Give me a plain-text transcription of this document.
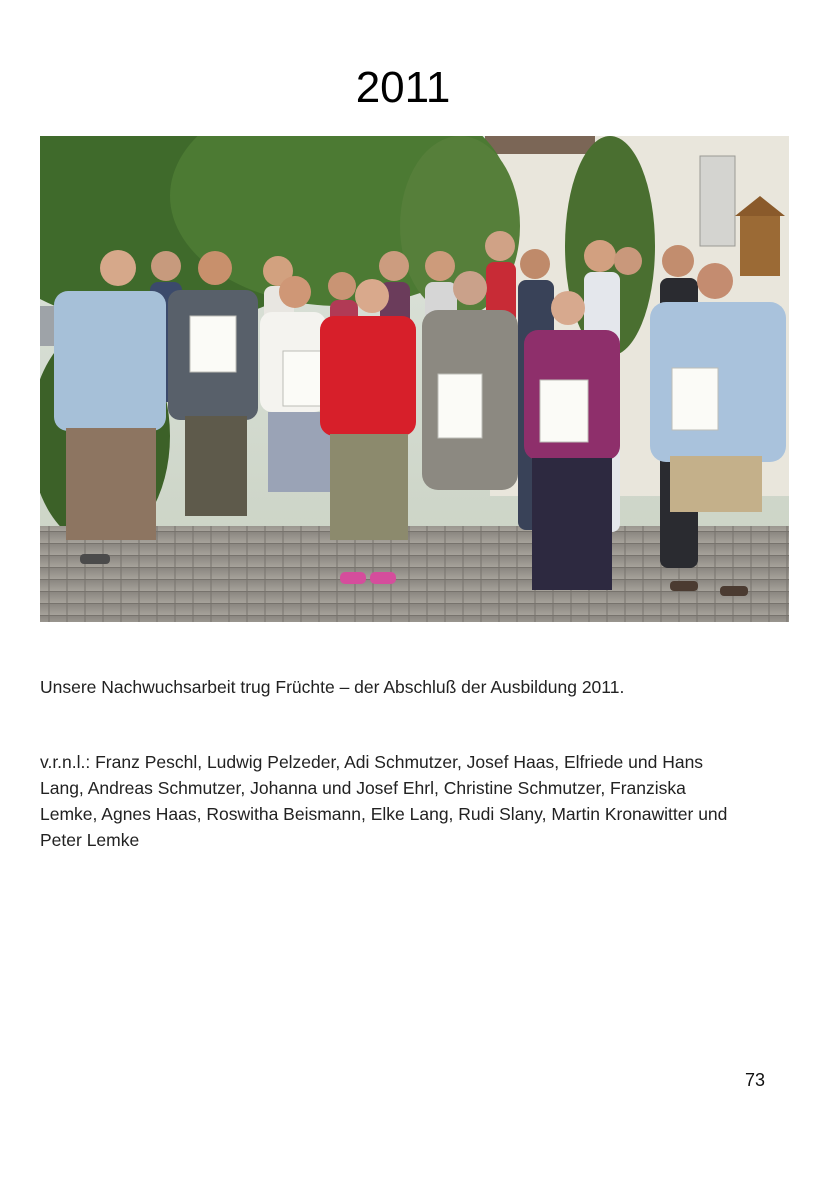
2011
Unsere Nachwuchsarbeit trug Früchte – der Abschluß der Ausbildung 2011.
v.r.n.l.: Franz Peschl, Ludwig Pelzeder, Adi Schmutzer, Josef Haas, Elfriede und Hans Lang, Andreas Schmutzer, Johanna und Josef Ehrl, Christine Schmutzer, Franziska Lemke, Agnes Haas, Roswitha Beismann, Elke Lang, Rudi Slany, Martin Kronawitter und Peter Lemke
73
